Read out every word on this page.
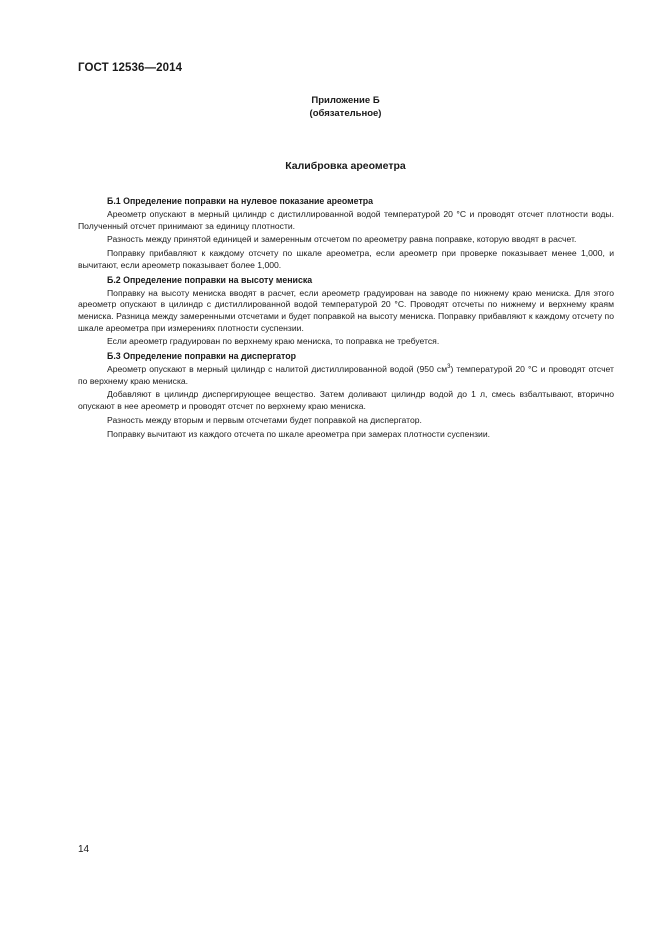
ГОСТ 12536—2014
Приложение Б
(обязательное)
Калибровка ареометра
Б.1 Определение поправки на нулевое показание ареометра

Ареометр опускают в мерный цилиндр с дистиллированной водой температурой 20 °С и проводят отсчет плотности воды. Полученный отсчет принимают за единицу плотности.

Разность между принятой единицей и замеренным отсчетом по ареометру равна поправке, которую вводят в расчет.

Поправку прибавляют к каждому отсчету по шкале ареометра, если ареометр при проверке показывает менее 1,000, и вычитают, если ареометр показывает более 1,000.

Б.2 Определение поправки на высоту мениска

Поправку на высоту мениска вводят в расчет, если ареометр градуирован на заводе по нижнему краю мениска. Для этого ареометр опускают в цилиндр с дистиллированной водой температурой 20 °С. Проводят отсчеты по нижнему и верхнему краям мениска. Разница между замеренными отсчетами и будет поправкой на высоту мениска. Поправку прибавляют к каждому отсчету по шкале ареометра при измерениях плотности суспензии.

Если ареометр градуирован по верхнему краю мениска, то поправка не требуется.

Б.3 Определение поправки на диспергатор

Ареометр опускают в мерный цилиндр с налитой дистиллированной водой (950 $см^3$) температурой 20 °С и проводят отсчет по верхнему краю мениска.

Добавляют в цилиндр диспергирующее вещество. Затем доливают цилиндр водой до 1 л, смесь взбалтывают, вторично опускают в нее ареометр и проводят отсчет по верхнему краю мениска.

Разность между вторым и первым отсчетами будет поправкой на диспергатор.

Поправку вычитают из каждого отсчета по шкале ареометра при замерах плотности суспензии.

14
